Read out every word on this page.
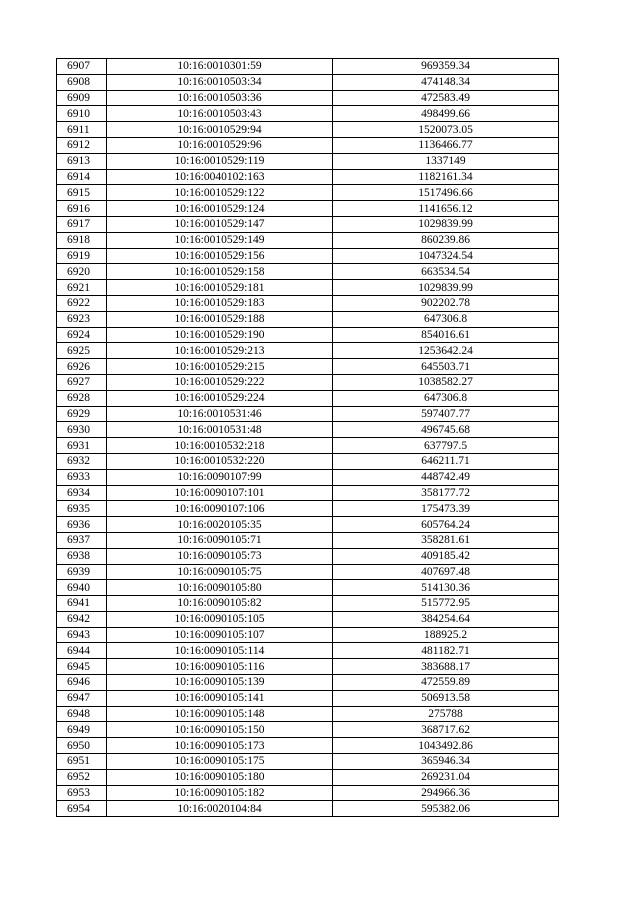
6907	10:16:0010301:59	969359.34
6908	10:16:0010503:34	474148.34
6909	10:16:0010503:36	472583.49
6910	10:16:0010503:43	498499.66
6911	10:16:0010529:94	1520073.05
6912	10:16:0010529:96	1136466.77
6913	10:16:0010529:119	1337149
6914	10:16:0040102:163	1182161.34
6915	10:16:0010529:122	1517496.66
6916	10:16:0010529:124	1141656.12
6917	10:16:0010529:147	1029839.99
6918	10:16:0010529:149	860239.86
6919	10:16:0010529:156	1047324.54
6920	10:16:0010529:158	663534.54
6921	10:16:0010529:181	1029839.99
6922	10:16:0010529:183	902202.78
6923	10:16:0010529:188	647306.8
6924	10:16:0010529:190	854016.61
6925	10:16:0010529:213	1253642.24
6926	10:16:0010529:215	645503.71
6927	10:16:0010529:222	1038582.27
6928	10:16:0010529:224	647306.8
6929	10:16:0010531:46	597407.77
6930	10:16:0010531:48	496745.68
6931	10:16:0010532:218	637797.5
6932	10:16:0010532:220	646211.71
6933	10:16:0090107:99	448742.49
6934	10:16:0090107:101	358177.72
6935	10:16:0090107:106	175473.39
6936	10:16:0020105:35	605764.24
6937	10:16:0090105:71	358281.61
6938	10:16:0090105:73	409185.42
6939	10:16:0090105:75	407697.48
6940	10:16:0090105:80	514130.36
6941	10:16:0090105:82	515772.95
6942	10:16:0090105:105	384254.64
6943	10:16:0090105:107	188925.2
6944	10:16:0090105:114	481182.71
6945	10:16:0090105:116	383688.17
6946	10:16:0090105:139	472559.89
6947	10:16:0090105:141	506913.58
6948	10:16:0090105:148	275788
6949	10:16:0090105:150	368717.62
6950	10:16:0090105:173	1043492.86
6951	10:16:0090105:175	365946.34
6952	10:16:0090105:180	269231.04
6953	10:16:0090105:182	294966.36
6954	10:16:0020104:84	595382.06
